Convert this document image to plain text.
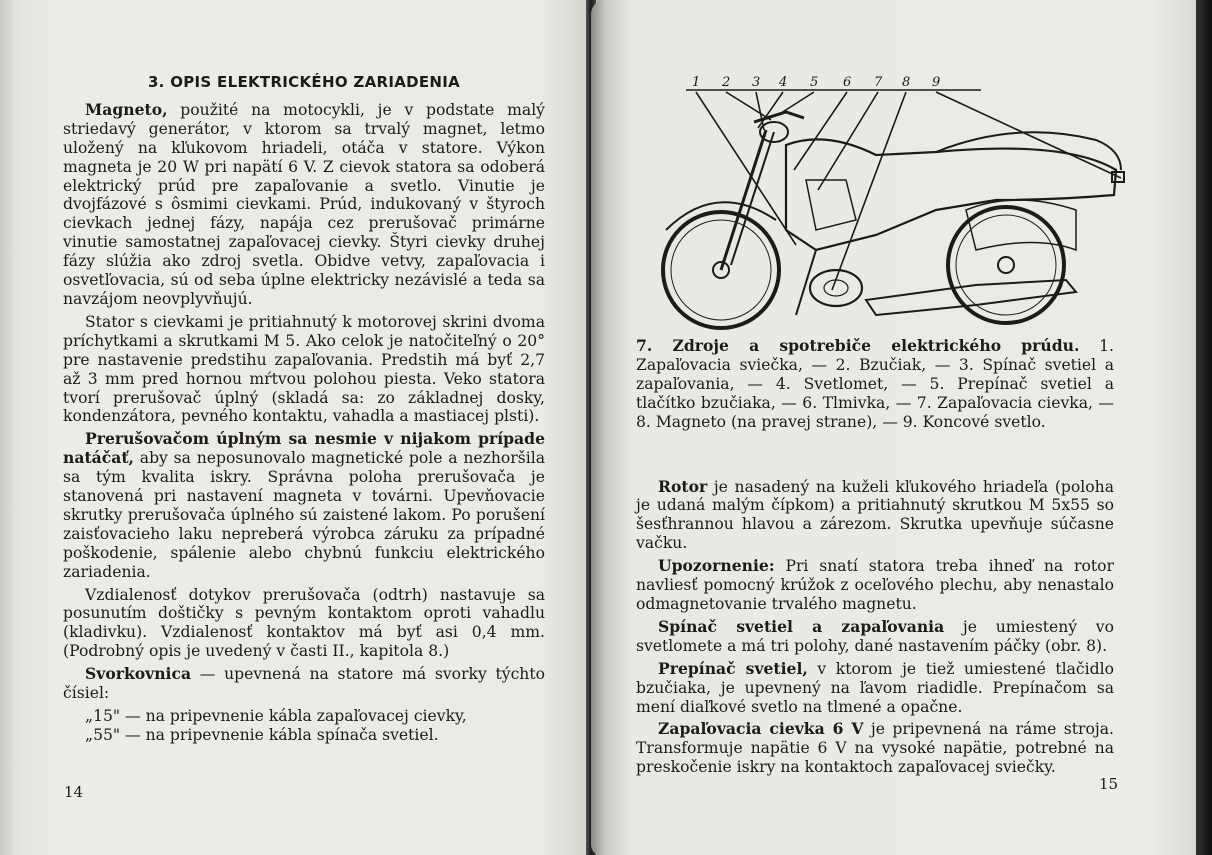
3. OPIS ELEKTRICKÉHO ZARIADENIA

Magneto, použité na motocykli, je v podstate malý striedavý generátor, v ktorom sa trvalý magnet, letmo uložený na kľukovom hriadeli, otáča v statore. Výkon magneta je 20 W pri napätí 6 V. Z cievok statora sa odoberá elektrický prúd pre zapaľovanie a svetlo. Vinutie je dvojfázové s ôsmimi cievkami. Prúd, indukovaný v štyroch cievkach jednej fázy, napája cez prerušovač primárne vinutie samostatnej zapaľovacej cievky. Štyri cievky druhej fázy slúžia ako zdroj svetla. Obidve vetvy, zapaľovacia i osvetľovacia, sú od seba úplne elektricky nezávislé a teda sa navzájom neovplyvňujú.

Stator s cievkami je pritiahnutý k motorovej skrini dvoma príchytkami a skrutkami M 5. Ako celok je natočiteľný o 20° pre nastavenie predstihu zapaľovania. Predstih má byť 2,7 až 3 mm pred hornou mŕtvou polohou piesta. Veko statora tvorí prerušovač úplný (skladá sa: zo základnej dosky, kondenzátora, pevného kontaktu, vahadla a mastiacej plsti).

Prerušovačom úplným sa nesmie v nijakom prípade natáčať, aby sa neposunovalo magnetické pole a nezhoršila sa tým kvalita iskry. Správna poloha prerušovača je stanovená pri nastavení magneta v továrni. Upevňovacie skrutky prerušovača úplného sú zaistené lakom. Po porušení zaisťovacieho laku nepreberá výrobca záruku za prípadné poškodenie, spálenie alebo chybnú funkciu elektrického zariadenia.

Vzdialenosť dotykov prerušovača (odtrh) nastavuje sa posunutím doštičky s pevným kontaktom oproti vahadlu (kladivku). Vzdialenosť kontaktov má byť asi 0,4 mm. (Podrobný opis je uvedený v časti II., kapitola 8.)

Svorkovnica — upevnená na statore má svorky týchto čísiel:

„15" — na pripevnenie kábla zapaľovacej cievky,
„55" — na pripevnenie kábla spínača svetiel.
14
1 2 3 4 5 6 7 8 9

7. Zdroje a spotrebiče elektrického prúdu. 1. Zapaľovacia sviečka, — 2. Bzučiak, — 3. Spínač svetiel a zapaľovania, — 4. Svetlomet, — 5. Prepínač svetiel a tlačítko bzučiaka, — 6. Tlmivka, — 7. Zapaľovacia cievka, — 8. Magneto (na pravej strane), — 9. Koncové svetlo.

Rotor je nasadený na kuželi kľukového hriadeľa (poloha je udaná malým čípkom) a pritiahnutý skrutkou M 5x55 so šesťhrannou hlavou a zárezom. Skrutka upevňuje súčasne vačku.

Upozornenie: Pri snatí statora treba ihneď na rotor navliesť pomocný krúžok z oceľového plechu, aby nenastalo odmagnetovanie trvalého magnetu.

Spínač svetiel a zapaľovania je umiestený vo svetlomete a má tri polohy, dané nastavením páčky (obr. 8).

Prepínač svetiel, v ktorom je tiež umiestené tlačidlo bzučiaka, je upevnený na ľavom riadidle. Prepínačom sa mení diaľkové svetlo na tlmené a opačne.

Zapaľovacia cievka 6 V je pripevnená na ráme stroja. Transformuje napätie 6 V na vysoké napätie, potrebné na preskočenie iskry na kontaktoch zapaľovacej sviečky.

15
